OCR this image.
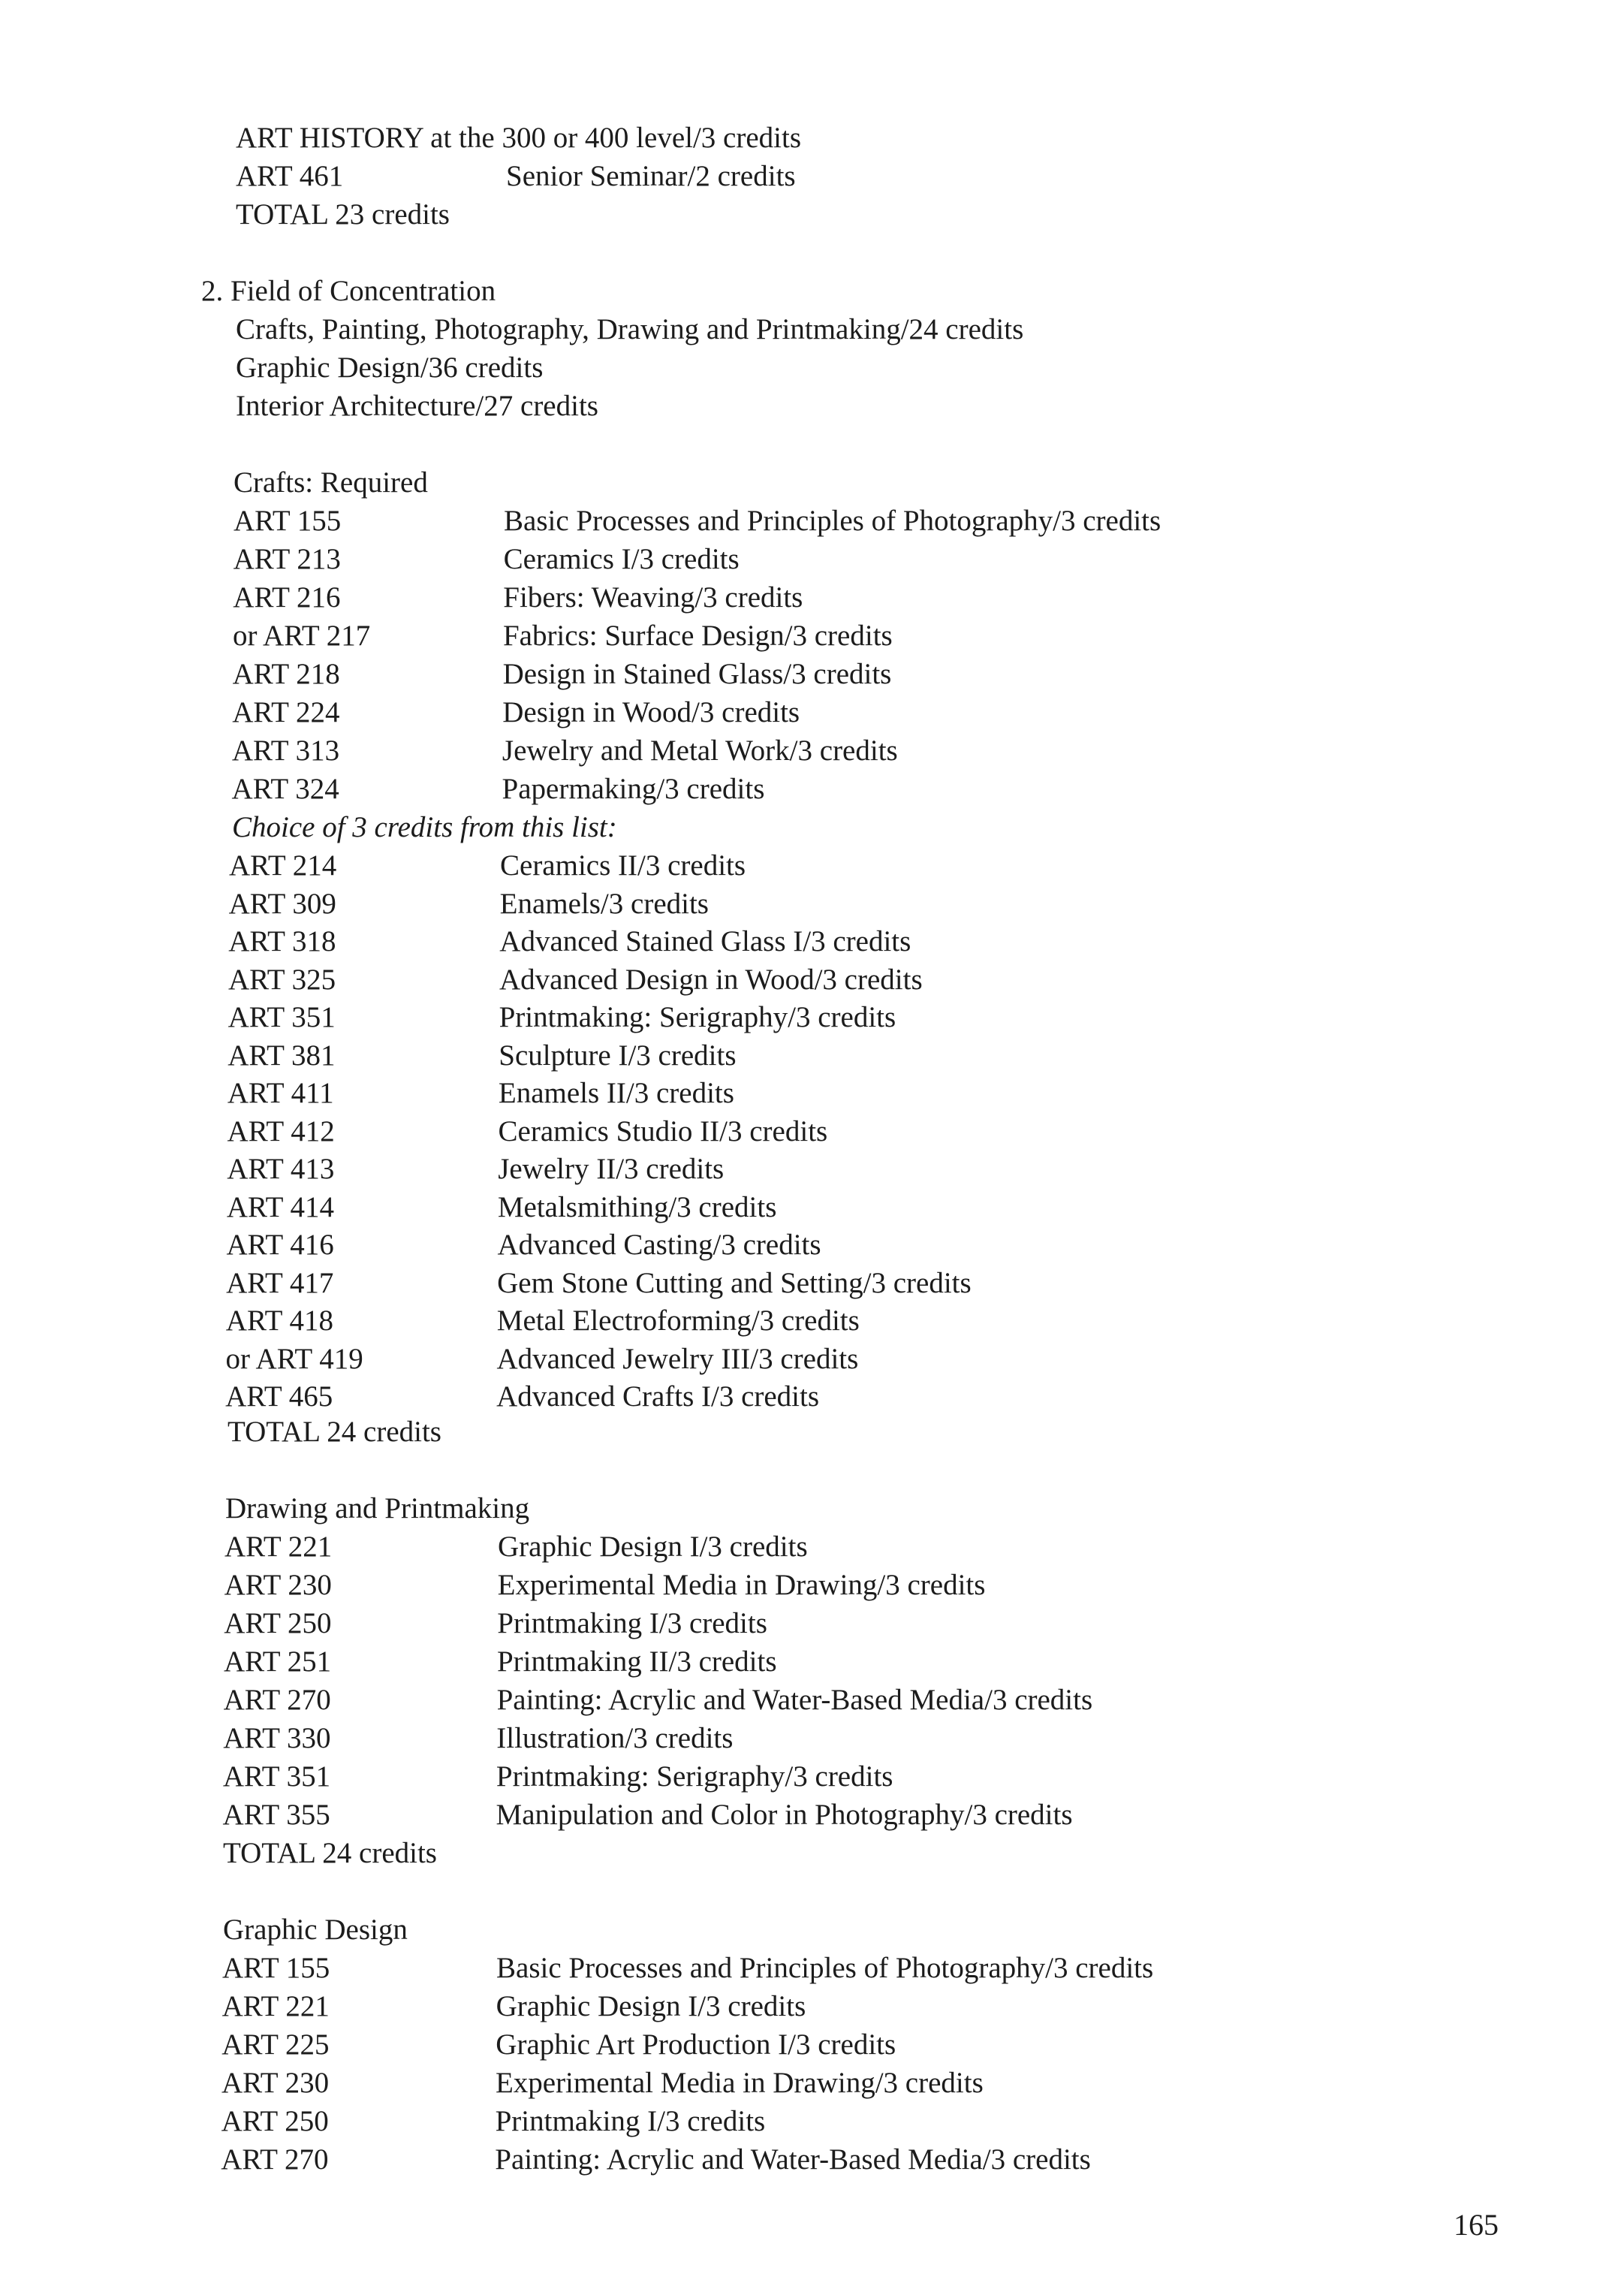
ART HISTORY at the 300 or 400 level/3 credits
ART 461	Senior Seminar/2 credits
TOTAL 23 credits
2. Field of Concentration
Crafts, Painting, Photography, Drawing and Printmaking/24 credits
Graphic Design/36 credits
Interior Architecture/27 credits
Crafts: Required
ART 155	Basic Processes and Principles of Photography/3 credits
ART 213	Ceramics I/3 credits
ART 216	Fibers: Weaving/3 credits
or ART 217	Fabrics: Surface Design/3 credits
ART 218	Design in Stained Glass/3 credits
ART 224	Design in Wood/3 credits
ART 313	Jewelry and Metal Work/3 credits
ART 324	Papermaking/3 credits
Choice of 3 credits from this list:
ART 214	Ceramics II/3 credits
ART 309	Enamels/3 credits
ART 318	Advanced Stained Glass I/3 credits
ART 325	Advanced Design in Wood/3 credits
ART 351	Printmaking: Serigraphy/3 credits
ART 381	Sculpture I/3 credits
ART 411	Enamels II/3 credits
ART 412	Ceramics Studio II/3 credits
ART 413	Jewelry II/3 credits
ART 414	Metalsmithing/3 credits
ART 416	Advanced Casting/3 credits
ART 417	Gem Stone Cutting and Setting/3 credits
ART 418	Metal Electroforming/3 credits
or ART 419	Advanced Jewelry III/3 credits
ART 465	Advanced Crafts I/3 credits
TOTAL 24 credits
Drawing and Printmaking
ART 221	Graphic Design I/3 credits
ART 230	Experimental Media in Drawing/3 credits
ART 250	Printmaking I/3 credits
ART 251	Printmaking II/3 credits
ART 270	Painting: Acrylic and Water-Based Media/3 credits
ART 330	Illustration/3 credits
ART 351	Printmaking: Serigraphy/3 credits
ART 355	Manipulation and Color in Photography/3 credits
TOTAL 24 credits
Graphic Design
ART 155	Basic Processes and Principles of Photography/3 credits
ART 221	Graphic Design I/3 credits
ART 225	Graphic Art Production I/3 credits
ART 230	Experimental Media in Drawing/3 credits
ART 250	Printmaking I/3 credits
ART 270	Painting: Acrylic and Water-Based Media/3 credits
165
